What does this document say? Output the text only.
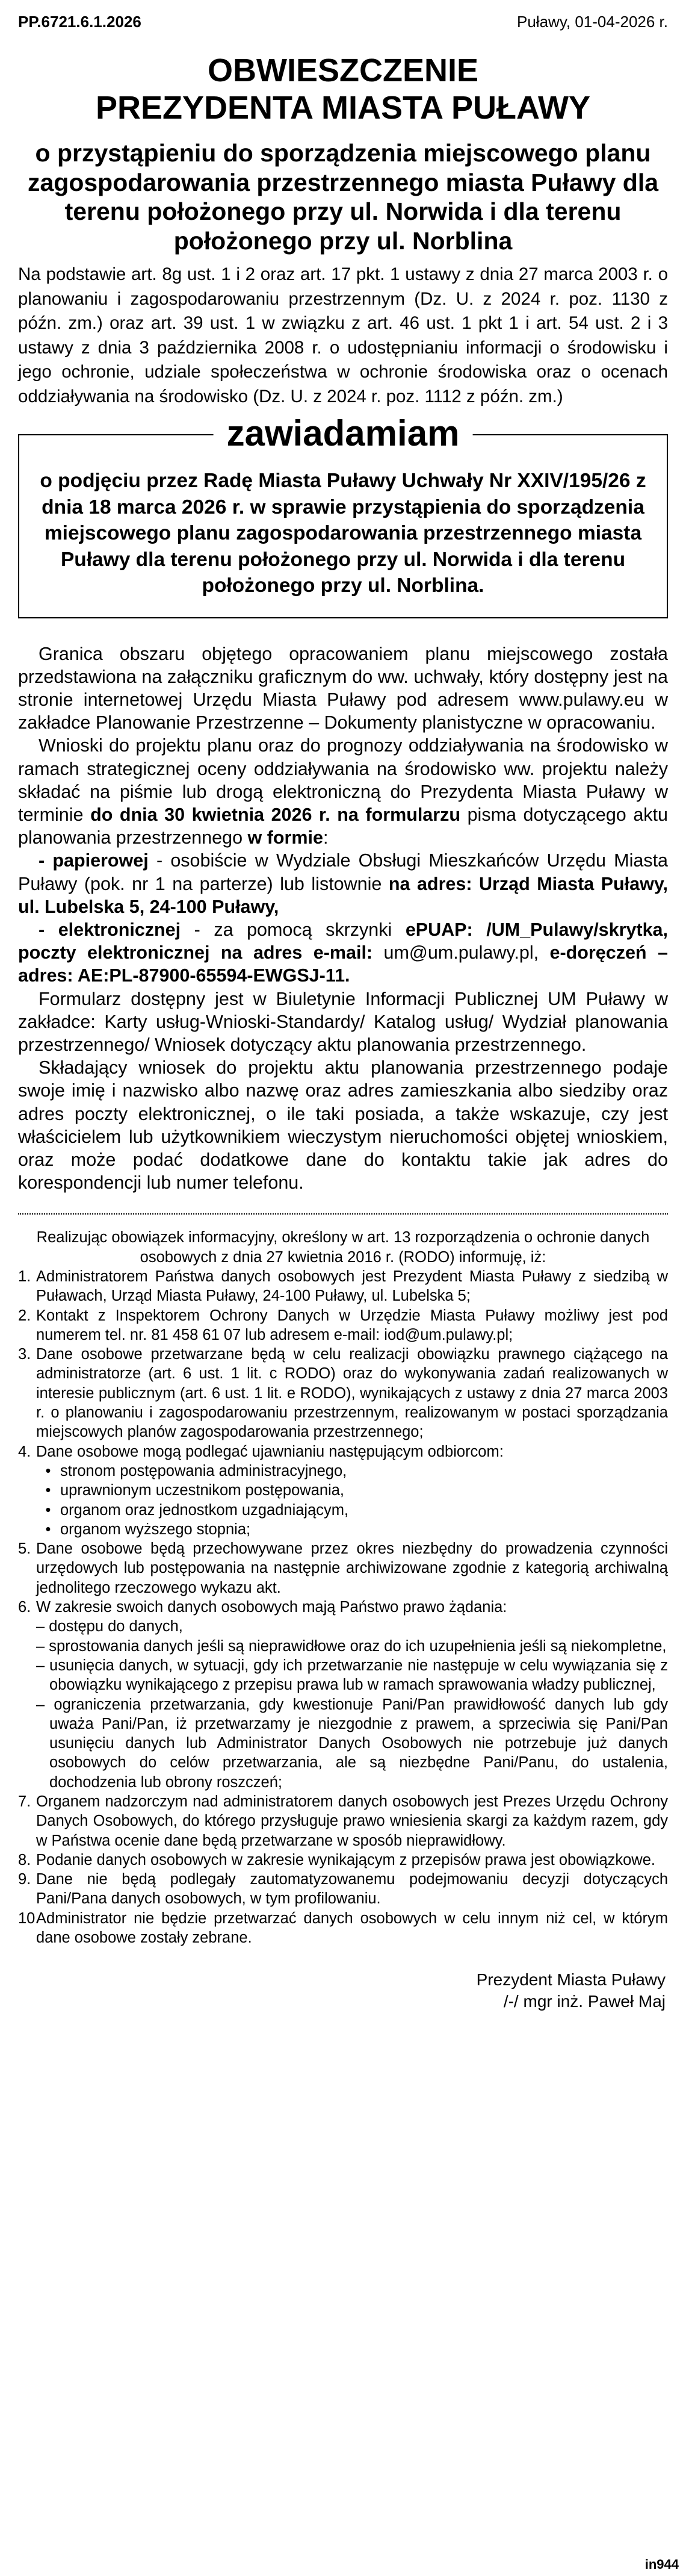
PP.6721.6.1.2026	Puławy, 01-04-2026 r.
OBWIESZCZENIE
PREZYDENTA MIASTA PUŁAWY
o przystąpieniu do sporządzenia miejscowego planu zagospodarowania przestrzennego miasta Puławy dla terenu położonego przy ul. Norwida i dla terenu położonego przy ul. Norblina
Na podstawie art. 8g ust. 1 i 2 oraz art. 17 pkt. 1 ustawy z dnia 27 marca 2003 r. o planowaniu i zagospodarowaniu przestrzennym (Dz. U. z 2024 r. poz. 1130 z późn. zm.) oraz art. 39 ust. 1 w związku z art. 46 ust. 1 pkt 1 i art. 54 ust. 2 i 3 ustawy z dnia 3 października 2008 r. o udostępnianiu informacji o środowisku i jego ochronie, udziale społeczeństwa w ochronie środowiska oraz o ocenach oddziaływania na środowisko (Dz. U. z 2024 r. poz. 1112 z późn. zm.)
zawiadamiam
o podjęciu przez Radę Miasta Puławy Uchwały Nr XXIV/195/26 z dnia 18 marca 2026 r. w sprawie przystąpienia do sporządzenia miejscowego planu zagospodarowania przestrzennego miasta Puławy dla terenu położonego przy ul. Norwida i dla terenu położonego przy ul. Norblina.

Granica obszaru objętego opracowaniem planu miejscowego została przedstawiona na załączniku graficznym do ww. uchwały, który dostępny jest na stronie internetowej Urzędu Miasta Puławy pod adresem www.pulawy.eu w zakładce Planowanie Przestrzenne – Dokumenty planistyczne w opracowaniu.

Wnioski do projektu planu oraz do prognozy oddziaływania na środowisko w ramach strategicznej oceny oddziaływania na środowisko ww. projektu należy składać na piśmie lub drogą elektroniczną do Prezydenta Miasta Puławy w terminie do dnia 30 kwietnia 2026 r. na formularzu pisma dotyczącego aktu planowania przestrzennego w formie:

- papierowej - osobiście w Wydziale Obsługi Mieszkańców Urzędu Miasta Puławy (pok. nr 1 na parterze) lub listownie na adres: Urząd Miasta Puławy, ul. Lubelska 5, 24-100 Puławy,

- elektronicznej - za pomocą skrzynki ePUAP: /UM_Pulawy/skrytka, poczty elektronicznej na adres e-mail: um@um.pulawy.pl, e-doręczeń – adres: AE:PL-87900-65594-EWGSJ-11.

Formularz dostępny jest w Biuletynie Informacji Publicznej UM Puławy w zakładce: Karty usług-Wnioski-Standardy/ Katalog usług/ Wydział planowania przestrzennego/ Wniosek dotyczący aktu planowania przestrzennego.

Składający wniosek do projektu aktu planowania przestrzennego podaje swoje imię i nazwisko albo nazwę oraz adres zamieszkania albo siedziby oraz adres poczty elektronicznej, o ile taki posiada, a także wskazuje, czy jest właścicielem lub użytkownikiem wieczystym nieruchomości objętej wnioskiem, oraz może podać dodatkowe dane do kontaktu takie jak adres do korespondencji lub numer telefonu.

Realizując obowiązek informacyjny, określony w art. 13 rozporządzenia o ochronie danych osobowych z dnia 27 kwietnia 2016 r. (RODO) informuję, iż:
1. Administratorem Państwa danych osobowych jest Prezydent Miasta Puławy z siedzibą w Puławach, Urząd Miasta Puławy, 24-100 Puławy, ul. Lubelska 5;
2. Kontakt z Inspektorem Ochrony Danych w Urzędzie Miasta Puławy możliwy jest pod numerem tel. nr. 81 458 61 07 lub adresem e-mail: iod@um.pulawy.pl;
3. Dane osobowe przetwarzane będą w celu realizacji obowiązku prawnego ciążącego na administratorze (art. 6 ust. 1 lit. c RODO) oraz do wykonywania zadań realizowanych w interesie publicznym (art. 6 ust. 1 lit. e RODO), wynikających z ustawy z dnia 27 marca 2003 r. o planowaniu i zagospodarowaniu przestrzennym, realizowanym w postaci sporządzania miejscowych planów zagospodarowania przestrzennego;
4. Dane osobowe mogą podlegać ujawnianiu następującym odbiorcom:
• stronom postępowania administracyjnego,
• uprawnionym uczestnikom postępowania,
• organom oraz jednostkom uzgadniającym,
• organom wyższego stopnia;
5. Dane osobowe będą przechowywane przez okres niezbędny do prowadzenia czynności urzędowych lub postępowania na następnie archiwizowane zgodnie z kategorią archiwalną jednolitego rzeczowego wykazu akt.
6. W zakresie swoich danych osobowych mają Państwo prawo żądania:
– dostępu do danych,
– sprostowania danych jeśli są nieprawidłowe oraz do ich uzupełnienia jeśli są niekompletne,
– usunięcia danych, w sytuacji, gdy ich przetwarzanie nie następuje w celu wywiązania się z obowiązku wynikającego z przepisu prawa lub w ramach sprawowania władzy publicznej,
– ograniczenia przetwarzania, gdy kwestionuje Pani/Pan prawidłowość danych lub gdy uważa Pani/Pan, iż przetwarzamy je niezgodnie z prawem, a sprzeciwia się Pani/Pan usunięciu danych lub Administrator Danych Osobowych nie potrzebuje już danych osobowych do celów przetwarzania, ale są niezbędne Pani/Panu, do ustalenia, dochodzenia lub obrony roszczeń;
7. Organem nadzorczym nad administratorem danych osobowych jest Prezes Urzędu Ochrony Danych Osobowych, do którego przysługuje prawo wniesienia skargi za każdym razem, gdy w Państwa ocenie dane będą przetwarzane w sposób nieprawidłowy.
8. Podanie danych osobowych w zakresie wynikającym z przepisów prawa jest obowiązkowe.
9. Dane nie będą podlegały zautomatyzowanemu podejmowaniu decyzji dotyczących Pani/Pana danych osobowych, w tym profilowaniu.
10.
Administrator nie będzie przetwarzać danych osobowych w celu innym niż cel, w którym dane osobowe zostały zebrane.
Prezydent Miasta Puławy
/-/ mgr inż. Paweł Maj
in944
